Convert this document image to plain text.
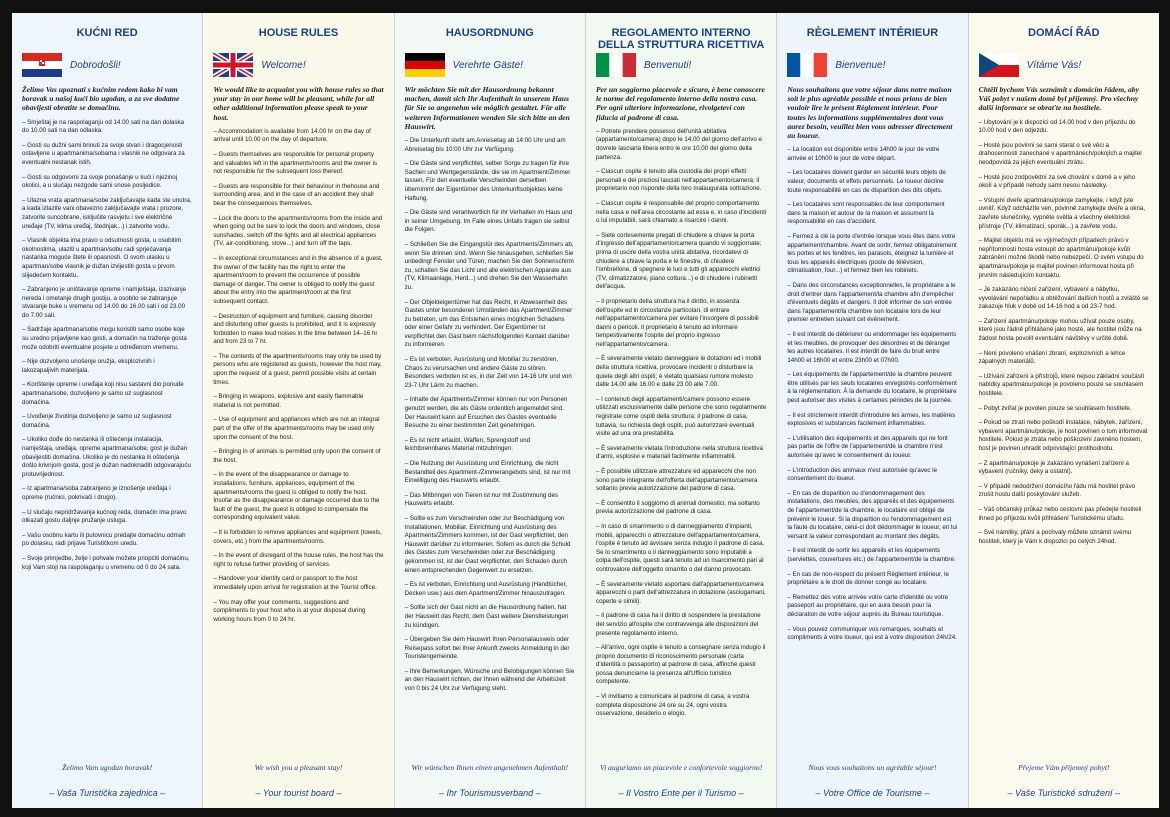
KUĆNI RED
Dobrodošli!
Želimo Vas upoznati s kućnim redom kako bi vam boravak u našoj kući bio ugodan, a za sve dodatne obavijesti obratite se domaćinu.
– Smještaj je na raspolaganju od 14.00 sati na dan dolaska do 10.00 sati na dan odlaska.
– Gosti su dužni sami brinuti za svoje stvari i dragocjenosti ostavljene u apartmanima/sobama i vlasnik ne odgovara za eventualni nestanak istih.
– Gosti su odgovorni za svoje ponašanje u kući i njezinoj okolici, a u slučaju nezgode sami snose posljedice.
– Ulazna vrata apartmana/sobe zaključavajte kada ste unutra, a kada izlazite vani obavezno zaključavajte vrata i prozore, zatvorite suncobrane, isključite rasvjetu i sve električne uređaje (TV, klima uređaj, štednjak...) i zatvorite vodu.
– Vlasnik objekta ima pravo u odsutnosti gosta, u osobitim okolnostima, ulaziti u apartman/sobu radi sprječavanja nastanka moguće štete ili opasnosti. O svom ulasku u apartman/sobe vlasnik je dužan izvijestiti gosta u prvom slijedećem kontaktu.
– Zabranjeno je uništavanje opreme i namještaja, izazivanje nereda i ometanje drugih gostiju, a osobito se zabranjuje stvaranje buke u vremenu od 14.00 do 16.00 sati i od 23.00 do 7.00 sati.
– Sadržaje apartmana/sobe mogu koristiti samo osobe koje su uredno prijavljene kao gosti, a domaćin na traženje gosta može odobriti eventualne posjete u određenom vremenu.
– Nije dozvoljeno unošenje oružja, eksplozivnih i lakozapaljivih materijala.
– Korištenje opreme i uređaja koji nisu sastavni dio ponude apartmana/sobe, dozvoljeno je samo uz suglasnost domaćina.
– Uvođenje životinja dozvoljeno je samo uz suglasnost domaćina.
– Ukoliko dođe do nestanka ili oštećenja instalacija, namještaja, uređaja, opreme apartmana/sobe, gost je dužan obavijestiti domaćina. Ukoliko je do nestanka ili oštećenja došlo krivnjom gosta, gost je dužan nadoknaditi odgovarajuću protuvrijednost.
– Iz apartmana/soba zabranjeno je iznošenje uređaja i opreme (ručnici, pokrivači i drugo).
– U slučaju nepridržavanja kućnog reda, domaćin ima pravo otkazati gostu daljnje pružanje usluga.
– Vašu osobnu kartu ili putovnicu predajte domaćinu odmah po dolasku, radi prijave Turističkom uredu.
– Svoje primjedbe, želje i pohvale možete priopćiti domaćinu, koji Vam stoji na raspolaganju u vremenu od 0 do 24 sata.
Želimo Vam ugodan boravak!
– Vaša Turistička zajednica –
HOUSE RULES
Welcome!
We would like to acquaint you with house rules so that your stay in our home will be pleasant, while for all other additional information please speak to your host.
– Accommodation is available from 14.00 hr on the day of arrival until 10.00 on the day of departure.
– Guests themselves are responsible for personal property and valuables left in the apartments/rooms and the owner is not responsible for the subsequent loss thereof.
– Guests are responsible for their behaviour in thehouse and surrounding area, and in the case of an accident they shall bear the consequences themselves.
– Lock the doors to the apartments/rooms from the inside and when going out be sure to lock the doors and windows, close sunshades, switch off the lights and all electrical appliances (TV, air-conditioning, stove...) and turn off the taps.
– In exceptional circumstances and in the absence of a guest, the owner of the facility has the right to enter the apartment/room to prevent the occurrence of possible damage or danger. The owner is obliged to notify the guest about the entry into the apartment/room at the first subsequent contact.
– Destruction of equipment and furniture, causing disorder and disturbing other guests is prohibited, and it is expressly forbidden to make loud noises in the time between 14–16 hr and from 23 to 7 hr.
– The contents of the apartments/rooms may only be used by persons who are registered as guests, however the host may, upon the request of a guest, permit possible visits at certain times.
– Bringing in weapons, explosive and easily flammable material is not permitted.
– Use of equipment and appliances which are not an integral part of the offer of the apartments/rooms may be used only upon the consent of the host.
– Bringing in of animals is permitted only upon the consent of the host.
– In the event of the disappearance or damage to installations, furniture, appliances, equipment of the apartments/rooms the guest is obliged to notify the host. Insofar as the disappearance or damage occurred due to the fault of the guest, the guest is obliged to compensate the corresponding equivalent value.
– It is forbidden to remove appliances and equipment (towels, covers, etc.) from the apartments/rooms.
– In the event of disregard of the house rules, the host has the right to refuse further providing of services.
– Handover your identity card or passport to the host immediately upon arrival for registration at the Tourist office.
– You may offer your comments, suggestions and compliments to your host who is at your disposal during working hours from 0 to 24 hr.
We wish you a pleasant stay!
– Your tourist board –
HAUSORDNUNG
Verehrte Gäste!
Wir möchten Sie mit der Hausordnung bekannt machen, damit sich Ihr Aufenthalt in unserem Haus für Sie so angenehm wie möglich gestaltet. Für alle weiteren Informationen wenden Sie sich bitte an den Hauswirt.
– Die Unterkunft steht am Anreisetag ab 14:00 Uhr und am Abreisetag bis 10:00 Uhr zur Verfügung.
– Die Gäste sind verpflichtet, selber Sorge zu tragen für ihre Sachen und Wertgegenstände, die sie im Apartment/Zimmer lassen. Für den eventuelle Verschwinden derselben übernimmt der Eigentümer des Unterkunftsobjektes keine Haftung.
– Die Gäste sind verantwortlich für ihr Verhalten im Haus und in seiner Umgebung. Im Falle eines Unfalls tragen sie selbst die Folgen.
– Schließen Sie die Eingangstür des Apartments/Zimmers ab, wenn Sie drinnen sind. Wenn Sie hinausgehen, schließen Sie unbedingt Fenster und Türen, machen Sie den Sonnenschirm zu, schalten Sie das Licht und alle elektrischen Apparate aus (TV, Klimaanlage, Herd...) und drehen Sie den Wasserhahn zu.
– Der Objekteigentümer hat das Recht, in Abwesenheit des Gastes unter besonderen Umständen das Apartment/Zimmer zu betreten, um das Entstehen eines möglichen Schadens oder einer Gefahr zu verhindert. Der Eigentümer ist verpflichtet den Gast beim nächstfolgenden Kontakt darüber zu informieren.
– Es ist verboten, Ausrüstung und Mobiliar zu zerstören, Chaos zu verursachen und andere Gäste zu stören. Besonders verboten ist es, in der Zeit von 14-16 Uhr und von 23-7 Uhr Lärm zu machen.
– Inhalte der Apartments/Zimmer können nur von Personen genutzt werden, die als Gäste ordentlich angemeldet sind. Der Hauswirt kann auf Ersuchen des Gastes eventuelle Besuche zu einer bestimmten Zeit genehmigen.
– Es ist nicht erlaubt, Waffen, Sprengstoff und leichtbrennbares Material mitzubringen.
– Die Nutzung der Ausrüstung und Einrichtung, die nicht Bestandteil des Apartment-/Zimmerangebots sind, ist nur mit Einwilligung des Hauswirts erlaubt.
– Das Mitbringen von Tieren ist nur mit Zustimmung des Hauswirts erlaubt.
– Sollte es zum Verschwinden oder zur Beschädigung von Installationen, Mobiliar, Einrichtung und Ausrüstung des Apartments/Zimmers kommen, ist der Gast verpflichtet, den Hauswirt darüber zu informieren. Sofern es durch die Schuld des Gastes zum Verschwinden oder zur Beschädigung gekommen ist, ist der Gast verpflichtet, den Schaden durch einen entsprechenden Gegenwert zu ersetzen.
– Es ist verboten, Einrichtung und Ausrüstung (Handtücher, Decken usw.) aus dem Apartment/Zimmer hinauszutragen.
– Sollte sich der Gast nicht an die Hausordnung halten, hat der Hauswirt das Recht, dem Gast weitere Dienstleistungen zu kündigen.
– Übergeben Sie dem Hauswirt Ihren Personalausweis oder Reisepass sofort bei Ihrer Ankunft zwecks Anmeldung in der Touristengemeinde.
– Ihre Bemerkungen, Wünsche und Belobigungen können Sie an den Hauswirt richten, der Ihnen während der Arbeitszeit von 0 bis 24 Uhr zur Verfügung steht.
Wir wünschen Ihnen einen angenehmen Aufenthalt!
– Ihr Tourismusverband –
REGOLAMENTO INTERNO DELLA STRUTTURA RICETTIVA
Benvenuti!
Per un soggiorno piacevole e sicuro, è bene conoscere le norme del regolamento interno della nostra casa. Per ogni ulteriore informazione, rivolgetevi con fiducia al padrone di casa.
– Potrete prendere possesso dell'unità abitativa (appartamento/camera) dopo le 14.00 del giorno dell'arrivo e dovrete lasciarla libera entro le ore 10.00 del giorno della partenza.
– Ciascun ospite è tenuto alla custodia dei propri effetti personali e dei preziosi lasciati nell'appartamento/camera; il proprietario non risponde della loro malaugurata sottrazione.
– Ciascun ospite è responsabile del proprio comportamento nella casa e nell'area circostante ad essa e, in caso d'incidenti o lui imputabili, sarà chiamato a risarcire i danni.
– Siete cortesemente pregati di chiudere a chiave la porta d'ingresso dell'appartamento/camera quando vi soggiornate; prima di uscire della vostra unità abitativa, ricordatevi di chiudere a chiave la porta e le finestre, di chiudere l'ombrellone, di spegnere le luci e tutti gli apparecchi elettrici (TV, climatizzatore, piano cottura...) e di chiudere i rubinetti dell'acqua.
– Il proprietario della struttura ha il diritto, in assenza dell'ospite ed in circostanze particolari, di entrare nell'appartamento/camera per evitare l'insorgere di possibili danni o pericoli. Il proprietario è tenuto ad informare tempestivamente l'ospite del proprio ingresso nell'appartamento/camera.
– È severamente vietato danneggiare le dotazioni ed i mobili della struttura ricettiva, provocare incidenti o disturbare la quiete degli altri ospiti; è vietato qualsiasi rumore molesto dalle 14.00 alle 16.00 e dalle 23.00 alle 7.00.
– I contenuti degli appartamenti/camere possono essere utilizzati esclusivamente dalle persone che sono regolarmente registrate come ospiti della struttura; il padrone di casa, tuttavia, su richiesta degli ospiti, può autorizzare eventuali visite ad una ora prestabilita.
– È severamente vietata l'introduzione nella struttura ricettiva d'armi, esplosivi e materiali facilmente infiammabili.
– È possibile utilizzare attrezzature ed apparecchi che non sono parte integrante dell'offerta dell'appartamento/camera soltanto previa autorizzazione del padrone di casa.
– È consentito il soggiorno di animali domestici, ma soltanto previa autorizzazione del padrone di casa.
– In caso di smarrimento o di danneggiamento d'impianti, mobili, apparecchi o attrezzature dell'appartamento/camera, l'ospite è tenuto ad avvisare senza indugio il padrone di casa. Se lo smarrimento o il danneggiamento sono imputabili a colpa dell'ospite, questi sarà tenuto ad un risarcimento pari al controvalore dell'oggetto smarrito o del danno provocato.
– È severamente vietato asportare dall'appartamento/camera apparecchi o parti dell'attrezzatura in dotazione (asciugamani, coperte e simili).
– Il padrone di casa ha il diritto di sospendere la prestazione del servizio all'ospite che contravvenga alle disposizioni del presente regolamento interno.
– All'arrivo, ogni ospite è tenuto a consegnare senza indugio il proprio documento di riconoscimento personale (carta d'identità o passaporto) al padrone di casa, affinché questi possa denunciarne la presenza all'Ufficio turistico competente.
– Vi invitiamo a comunicare al padrone di casa, a vostra completa disposizione 24 ore su 24, ogni vostra osservazione, desiderio o elogio.
Vi auguriamo un piacevole e confortevole soggiorno!
– Il Vostro Ente per il Turismo –
RÈGLEMENT INTÉRIEUR
Bienvenue!
Nous souhaitons que votre séjour dans notre maison soit le plus agréable possible et nous prions de bien vouloir lire le présent Règlement intérieur. Pour toutes les informations supplémentaires dont vous aurez besoin, veuillez bien vous adresser directement au loueur.
– La location est disponible entre 14h00 le jour de votre arrivée et 10h00 le jour de votre départ.
– Les locataires doivent garder en sécurité leurs objets de valeur, documents et effets personnels. Le loueur décline toute responsabilité en cas de disparition des dits objets.
– Les locataires sont responsables de leur comportement dans la maison et autour de la maison et assument la responsabilité en cas d'accident.
– Fermez à clé la porte d'entrée lorsque vous êtes dans votre appartement/chambre. Avant de sortir, fermez obligatoirement les portes et les fenêtres, les parasols, éteignez la lumière et tous les appareils électriques (poste de télévision, climatisation, four...) et fermez bien les robinets.
– Dans des circonstances exceptionnelles, le propriétaire a le droit d'entrer dans l'appartement/la chambre afin d'empêcher d'éventuels dégâts et dangers. Il doit informer de son entrée dans l'appartement/la chambre son locataire lors de leur premier entretien suivant cet événement.
– Il est interdit de détériorer ou endommager les équipements et les meubles, de provoquer des désordres et de déranger les autres locataires. Il est interdit de faire du bruit entre 14h00 et 16h00 et entre 23h00 et 07h00.
– Les équipements de l'appartement/de la chambre peuvent être utilisés par les seuls locataires enregistrés conformément à la réglementation. À la demande du locataire, le propriétaire peut autoriser des visites à certaines périodes de la journée.
– Il est strictement interdit d'introduire les armes, les matières explosives et substances facilement inflammables.
– L'utilisation des équipements et des appareils qui ne font pas partie de l'offre de l'appartement/de la chambre n'est autorisée qu'avec le consentement du loueur.
– L'introduction des animaux n'est autorisée qu'avec le consentement du loueur.
– En cas de disparition ou d'endommagement des installations, des meubles, des appareils et des équipements de l'appartement/de la chambre, le locataire est obligé de prévenir le loueur. Si la disparition ou l'endommagement est la faute du locataire, celui-ci doit dédommager le loueur, en lui versant la valeur correspondant au montant des dégâts.
– Il est interdit de sortir les appareils et les équipements (serviettes, couvertures etc.) de l'appartement/de la chambre.
– En cas de non-respect du présent Règlement intérieur, le propriétaire a le droit de donner congé au locataire.
– Remettez dès votre arrivée votre carte d'identité ou votre passeport au propriétaire, qui en aura besoin pour la déclaration de votre séjour auprès du Bureau touristique.
– Vous pouvez communiquer vos remarques, souhaits et compliments à votre loueur, qui est à votre disposition 24h/24.
Nous vous souhaitons un agréable séjour!
– Votre Office de Tourisme –
DOMÁCÍ ŘÁD
Vítáme Vás!
Chtěli bychom Vás seznámit s domácím řádem, aby Váš pobyt v našem domě byl příjemný. Pro všechny další informace se obraťte na hostitele.
– Ubytování je k dispozici od 14.00 hod v den příjezdu do 10.00 hod v den odjezdu.
– Hosté jsou povinni se sami starat o své věci a drahocennosti zanechané v apartmánech/pokojích a majitel neodpovídá za jejich eventuální ztrátu.
– Hosté jsou zodpovědní za své chování v domě a v jeho okolí a v případě nehody sami nesou následky.
– Vstupní dveře apartmánu/pokoje zamykejte, i když jste uvnitř. Když odcházíte ven, povinně zamykejte dveře a okna, zavřete slunečníky, vypněte světla a všechny elektrické přístroje (TV, klimatizaci, sporák...) a zavřete vodu.
– Majitel objektu má ve výjimečných případech právo v nepřítomnosti hosta vstoupit do apartmánu/pokoje kvůli zabránění možné škodě nebo nebezpečí. O svém vstupu do apartmánu/pokoje je majitel povinen informovat hosta při prvním následujícím kontaktu.
– Je zakázáno ničení zařízení, vybavení a nábytku, vyvolávání nepořádku a obtěžování dalších hostů a zvláště se zakazuje hluk v době od 14-16 hod a od 23-7 hod.
– Zařízení apartmánu/pokoje mohou užívat pouze osoby, které jsou řádně přihlášené jako hosté, ale hostitel může na žádost hosta povolit eventuální návštěvy v určité době.
– Není povoleno vnášení zbraní, explozivních a lehce zápalných materiálů.
– Užívání zařízení a přístrojů, které nejsou základní součástí nabídky apartmánu/pokoje je povoleno pouze se souhlasem hostitele.
– Pobyt zvířat je povolen pouze se souhlasem hostitele.
– Pokud se ztratí nebo poškodí instalace, nábytek, zařízení, vybavení apartmánu/pokoje, je host povinen o tom informovat hostitele. Pokud je ztráta nebo poškození zaviněno hostem, host je povinen uhradit odpovídající protihodnotu.
– Z apartmánu/pokoje je zakázáno vynášení zařízení a vybavení (ručníky, deky a ostatní).
– V případě nedodržení domácího řádu má hostitel právo zrušit hostu další poskytování služeb.
– Váš občanský průkaz nebo cestovní pas předejte hostiteli ihned po příjezdu kvůli přihlášení Turistickému úřadu.
– Své námitky, přání a pochvaly můžete oznámit svému hostiteli, který je Vám k dispozici po celých 24hod.
Přejeme Vám příjemný pobyt!
– Vaše Turistické sdružení –
